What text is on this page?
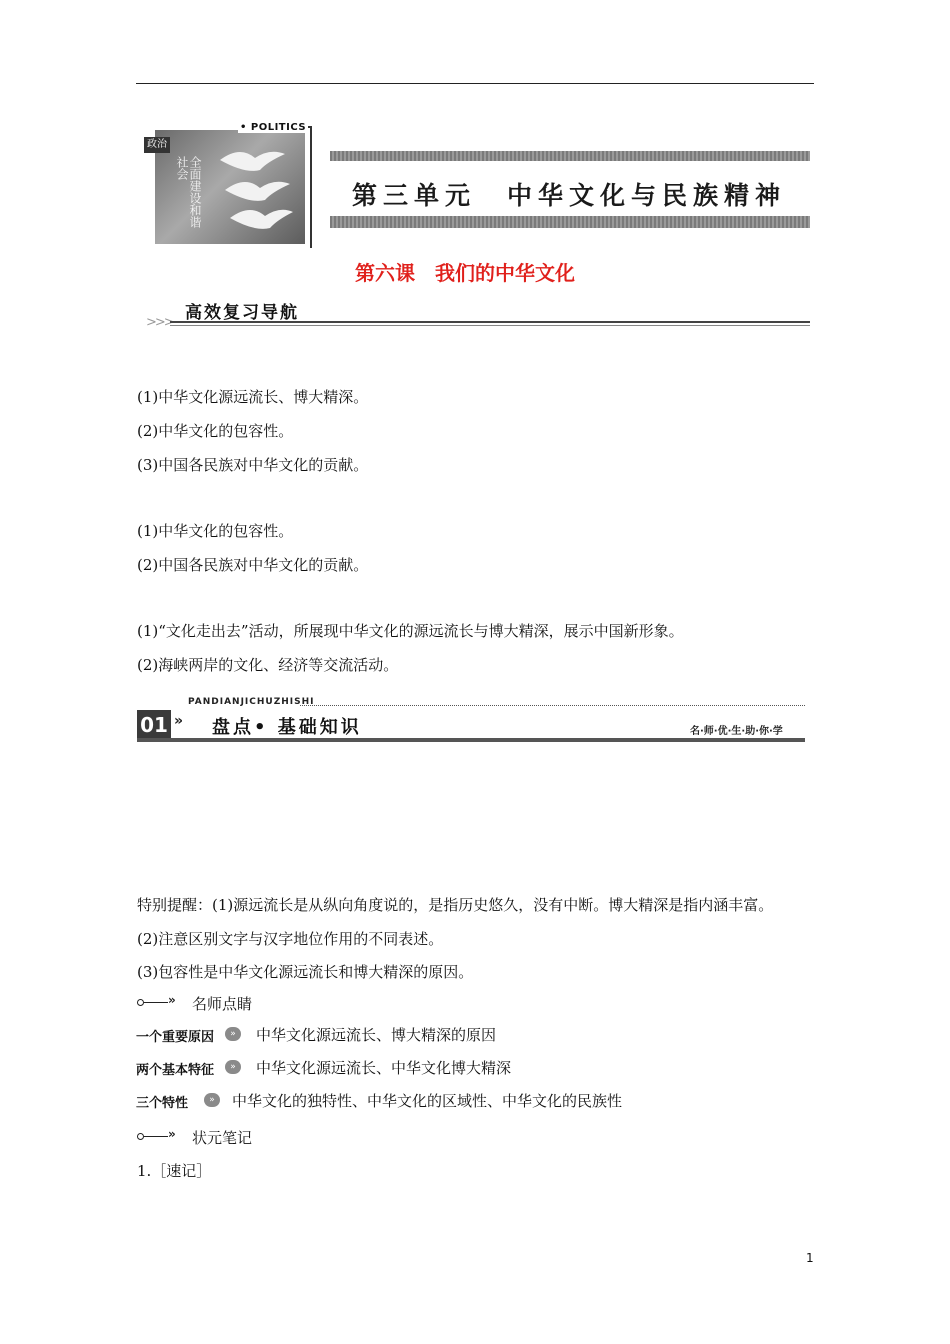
政治
• POLITICS
全面建设和谐社会
第三单元　中华文化与民族精神
第六课　我们的中华文化
>>> 高效复习导航
(1)中华文化源远流长、博大精深。
(2)中华文化的包容性。
(3)中国各民族对中华文化的贡献。
(1)中华文化的包容性。
(2)中国各民族对中华文化的贡献。
(1)“文化走出去”活动，所展现中华文化的源远流长与博大精深，展示中国新形象。
(2)海峡两岸的文化、经济等交流活动。
PANDIANJICHUZHISHI
01 » 盘点• 基础知识	名·师·优·生·助·你·学
特别提醒：(1)源远流长是从纵向角度说的，是指历史悠久，没有中断。博大精深是指内涵丰富。
(2)注意区别文字与汉字地位作用的不同表述。
(3)包容性是中华文化源远流长和博大精深的原因。
» 名师点睛
一个重要原因	»	中华文化源远流长、博大精深的原因
两个基本特征	»	中华文化源远流长、中华文化博大精深
三个特性	»	中华文化的独特性、中华文化的区域性、中华文化的民族性
» 状元笔记
1.［速记］
1
